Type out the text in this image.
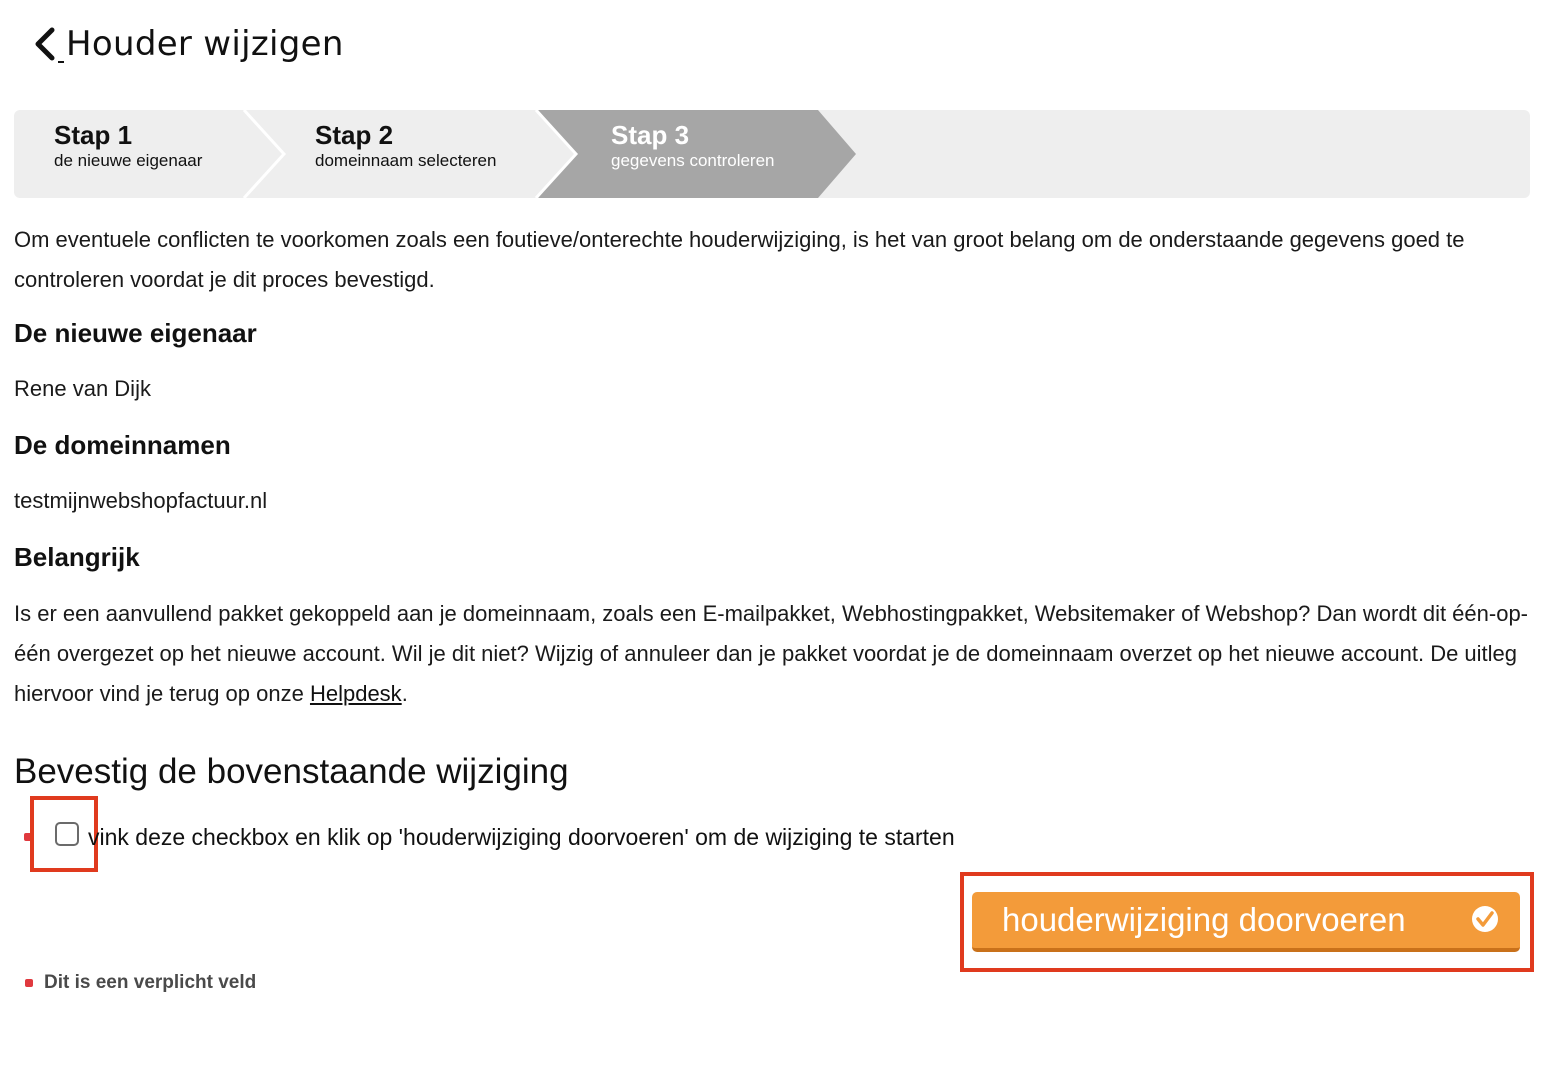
Houder wijzigen
Stap 1
de nieuwe eigenaar
Stap 2
domeinnaam selecteren
Stap 3
gegevens controleren
Om eventuele conflicten te voorkomen zoals een foutieve/onterechte houderwijziging, is het van groot belang om de onderstaande gegevens goed te controleren voordat je dit proces bevestigd.
De nieuwe eigenaar
Rene van Dijk
De domeinnamen
testmijnwebshopfactuur.nl
Belangrijk
Is er een aanvullend pakket gekoppeld aan je domeinnaam, zoals een E-mailpakket, Webhostingpakket, Websitemaker of Webshop? Dan wordt dit één-op-één overgezet op het nieuwe account. Wil je dit niet? Wijzig of annuleer dan je pakket voordat je de domeinnaam overzet op het nieuwe account. De uitleg hiervoor vind je terug op onze Helpdesk.
Bevestig de bovenstaande wijziging
vink deze checkbox en klik op 'houderwijziging doorvoeren' om de wijziging te starten
houderwijziging doorvoeren
Dit is een verplicht veld
